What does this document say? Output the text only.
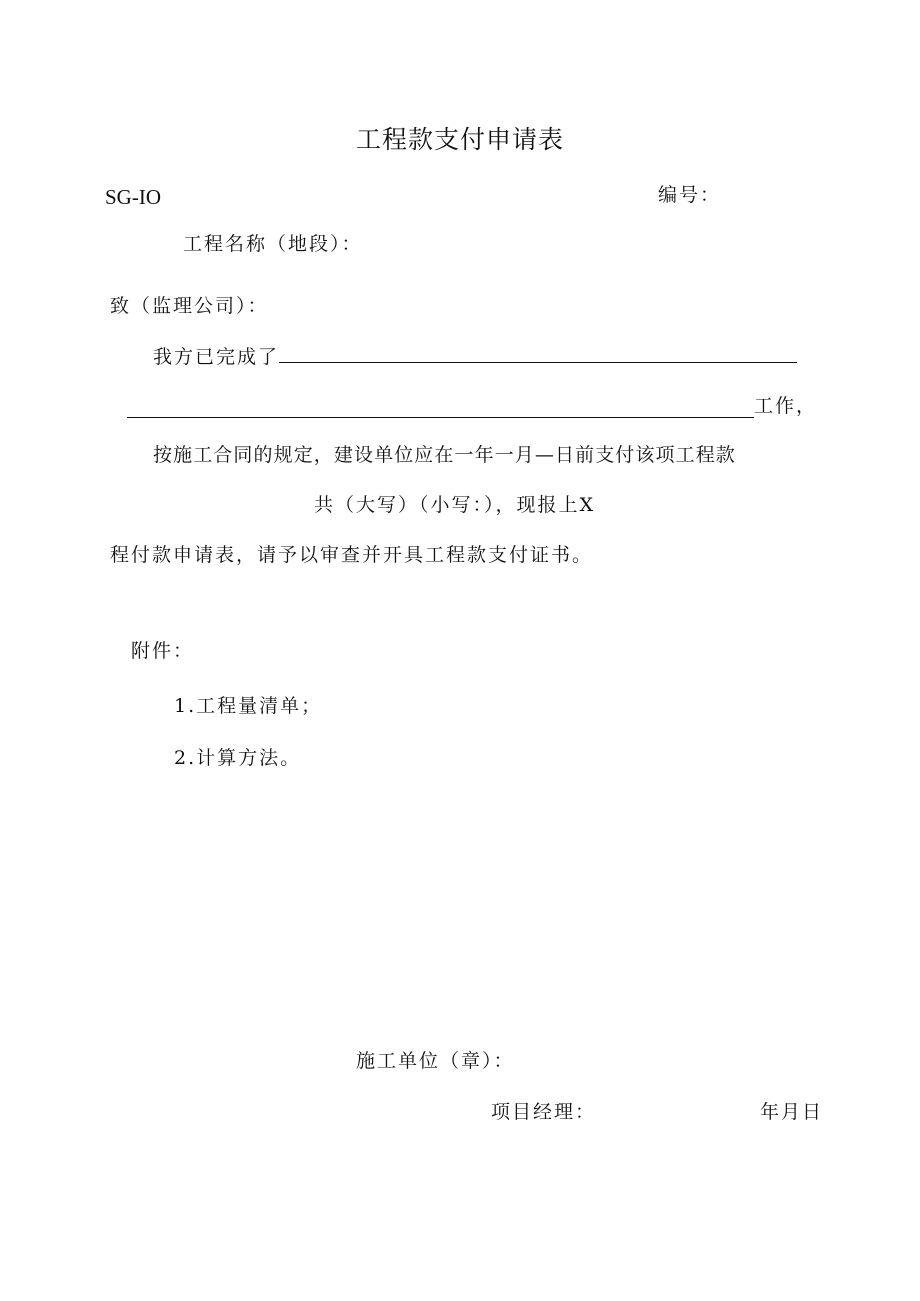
工程款支付申请表
SG-IO	编号：
工程名称（地段）：
致（监理公司）：
我方已完成了
工作，
按施工合同的规定，建设单位应在一年一月—日前支付该项工程款
共（大写）（小写：），现报上X
程付款申请表，请予以审查并开具工程款支付证书。
附件：
1.工程量清单；
2.计算方法。
施工单位（章）：
项目经理：	年月日
